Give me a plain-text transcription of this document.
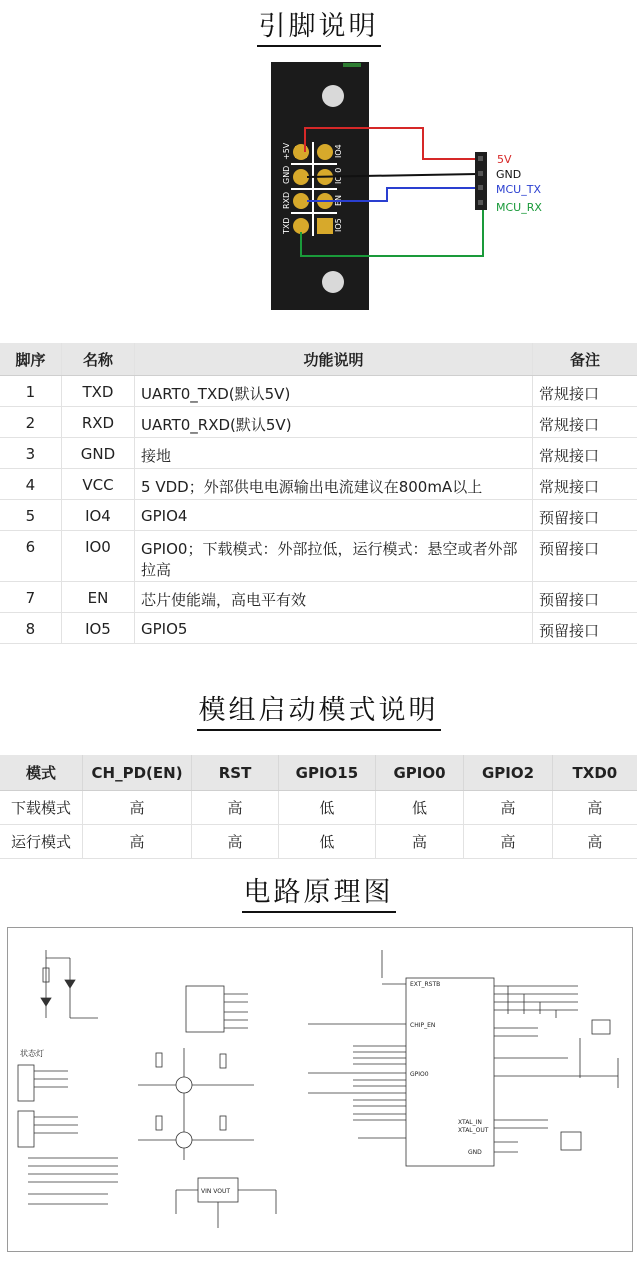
引脚说明
+5V
GND
RXD
TXD
IO4
IO 0
EN
IO5
5V
GND
MCU_TX
MCU_RX
脚序	名称	功能说明	备注
1	TXD	UART0_TXD(默认5V)	常规接口
2	RXD	UART0_RXD(默认5V)	常规接口
3	GND	接地	常规接口
4	VCC	5 VDD；外部供电电源输出电流建议在800mA以上	常规接口
5	IO4	GPIO4	预留接口
6	IO0	GPIO0；下载模式：外部拉低，运行模式：悬空或者外部拉高	预留接口
7	EN	芯片使能端，高电平有效	预留接口
8	IO5	GPIO5	预留接口
模组启动模式说明
模式	CH_PD(EN)	RST	GPIO15	GPIO0	GPIO2	TXD0
下载模式	高	高	低	低	高	高
运行模式	高	高	低	高	高	高
电路原理图
状态灯
VIN VOUT
EXT_RSTB
CHIP_EN
GPIO0
XTAL_IN
XTAL_OUT
GND
